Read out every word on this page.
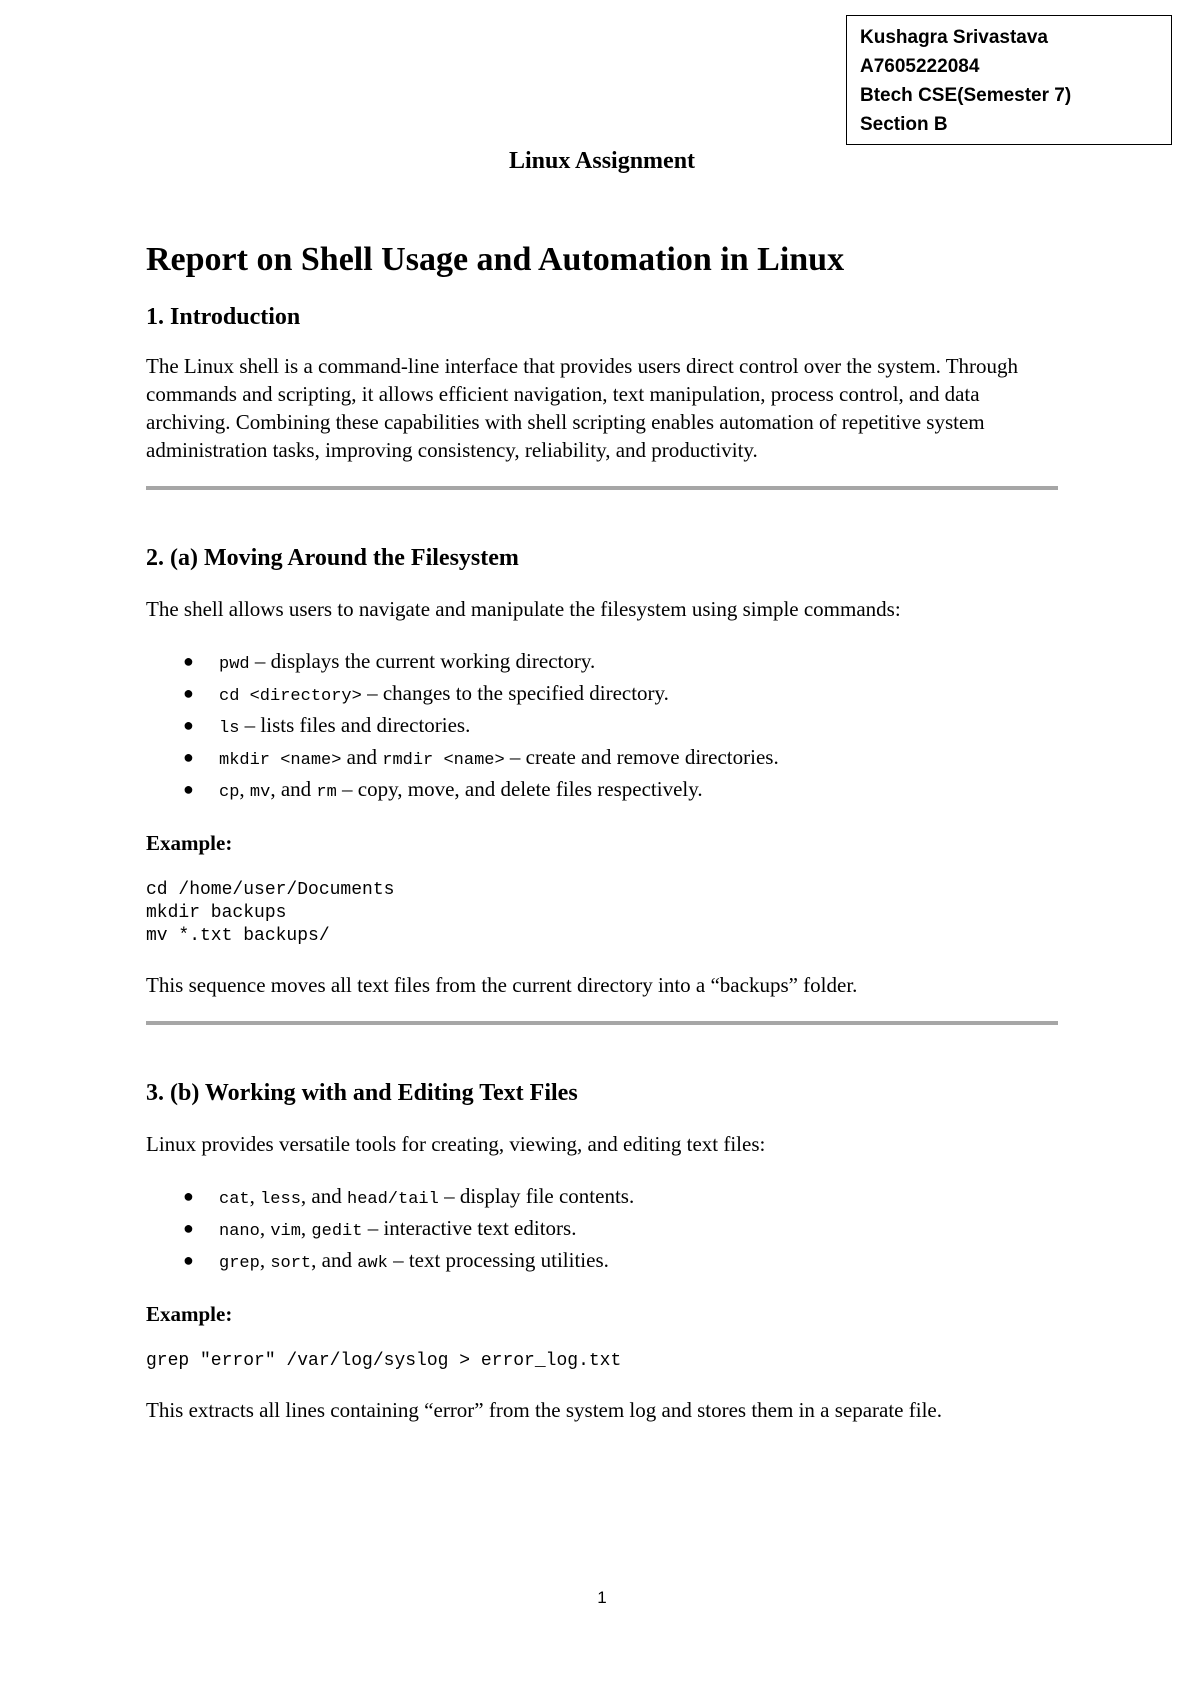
Kushagra Srivastava
A7605222084
Btech CSE(Semester 7)
Section B
Linux Assignment
Report on Shell Usage and Automation in Linux
1. Introduction

The Linux shell is a command-line interface that provides users direct control over the system. Through commands and scripting, it allows efficient navigation, text manipulation, process control, and data archiving. Combining these capabilities with shell scripting enables automation of repetitive system administration tasks, improving consistency, reliability, and productivity.

2. (a) Moving Around the Filesystem

The shell allows users to navigate and manipulate the filesystem using simple commands:

● pwd – displays the current working directory.
● cd <directory> – changes to the specified directory.
● ls – lists files and directories.
● mkdir <name> and rmdir <name> – create and remove directories.
● cp, mv, and rm – copy, move, and delete files respectively.
Example:
cd /home/user/Documents
mkdir backups
mv *.txt backups/

This sequence moves all text files from the current directory into a “backups” folder.

3. (b) Working with and Editing Text Files

Linux provides versatile tools for creating, viewing, and editing text files:

● cat, less, and head/tail – display file contents.
● nano, vim, gedit – interactive text editors.
● grep, sort, and awk – text processing utilities.
Example:
grep "error" /var/log/syslog > error_log.txt

This extracts all lines containing “error” from the system log and stores them in a separate file.

1
